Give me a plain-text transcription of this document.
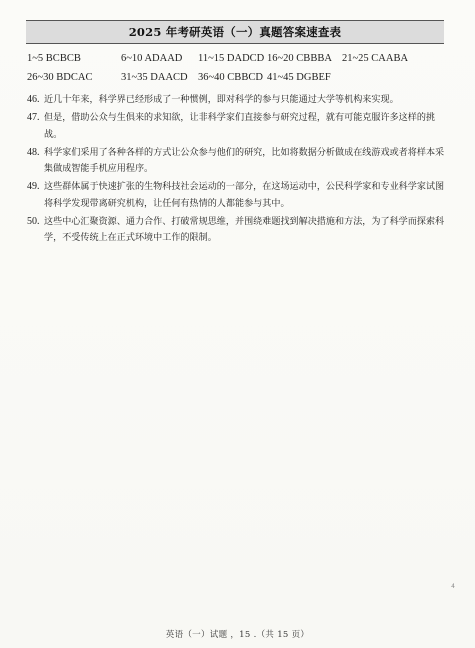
2025 年考研英语（一）真题答案速查表
1~5 BCBCB	6~10 ADAAD 11~15 DADCD 16~20 CBBBA 21~25 CAABA
26~30 BDCAC	31~35 DAACD 36~40 CBBCD 41~45 DGBEF
46. 近几十年来，科学界已经形成了一种惯例，即对科学的参与只能通过大学等机构来实现。
47. 但是，借助公众与生俱来的求知欲，让非科学家们直接参与研究过程，就有可能克服许多这样的挑战。
48. 科学家们采用了各种各样的方式让公众参与他们的研究，比如将数据分析做成在线游戏或者将样本采集做成智能手机应用程序。
49. 这些群体属于快速扩张的生物科技社会运动的一部分，在这场运动中，公民科学家和专业科学家试图将科学发现带离研究机构，让任何有热情的人都能参与其中。
50. 这些中心汇聚资源、通力合作、打破常规思维，并围绕难题找到解决措施和方法，为了科学而探索科学，不受传统上在正式环境中工作的限制。
4
英语（一）试题 ，15 .（共 15 页）
